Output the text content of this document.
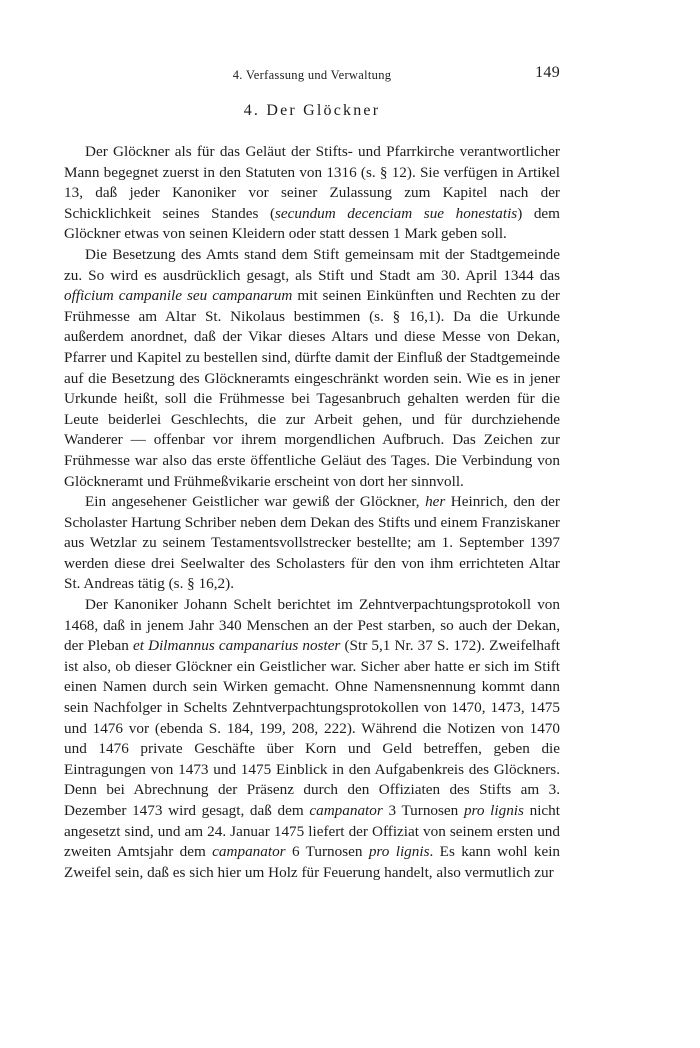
4. Verfassung und Verwaltung	149
4. Der Glöckner

Der Glöckner als für das Geläut der Stifts- und Pfarrkirche verantwortlicher Mann begegnet zuerst in den Statuten von 1316 (s. § 12). Sie verfügen in Artikel 13, daß jeder Kanoniker vor seiner Zulassung zum Kapitel nach der Schicklichkeit seines Standes (secundum decenciam sue honestatis) dem Glöckner etwas von seinen Kleidern oder statt dessen 1 Mark geben soll.

Die Besetzung des Amts stand dem Stift gemeinsam mit der Stadtgemeinde zu. So wird es ausdrücklich gesagt, als Stift und Stadt am 30. April 1344 das officium campanile seu campanarum mit seinen Einkünften und Rechten zu der Frühmesse am Altar St. Nikolaus bestimmen (s. § 16,1). Da die Urkunde außerdem anordnet, daß der Vikar dieses Altars und diese Messe von Dekan, Pfarrer und Kapitel zu bestellen sind, dürfte damit der Einfluß der Stadtgemeinde auf die Besetzung des Glöckneramts eingeschränkt worden sein. Wie es in jener Urkunde heißt, soll die Frühmesse bei Tagesanbruch gehalten werden für die Leute beiderlei Geschlechts, die zur Arbeit gehen, und für durchziehende Wanderer — offenbar vor ihrem morgendlichen Aufbruch. Das Zeichen zur Frühmesse war also das erste öffentliche Geläut des Tages. Die Verbindung von Glöckneramt und Frühmeßvikarie erscheint von dort her sinnvoll.

Ein angesehener Geistlicher war gewiß der Glöckner, her Heinrich, den der Scholaster Hartung Schriber neben dem Dekan des Stifts und einem Franziskaner aus Wetzlar zu seinem Testamentsvollstrecker bestellte; am 1. September 1397 werden diese drei Seelwalter des Scholasters für den von ihm errichteten Altar St. Andreas tätig (s. § 16,2).

Der Kanoniker Johann Schelt berichtet im Zehntverpachtungsprotokoll von 1468, daß in jenem Jahr 340 Menschen an der Pest starben, so auch der Dekan, der Pleban et Dilmannus campanarius noster (Str 5,1 Nr. 37 S. 172). Zweifelhaft ist also, ob dieser Glöckner ein Geistlicher war. Sicher aber hatte er sich im Stift einen Namen durch sein Wirken gemacht. Ohne Namensnennung kommt dann sein Nachfolger in Schelts Zehntverpachtungsprotokollen von 1470, 1473, 1475 und 1476 vor (ebenda S. 184, 199, 208, 222). Während die Notizen von 1470 und 1476 private Geschäfte über Korn und Geld betreffen, geben die Eintragungen von 1473 und 1475 Einblick in den Aufgabenkreis des Glöckners. Denn bei Abrechnung der Präsenz durch den Offiziaten des Stifts am 3. Dezember 1473 wird gesagt, daß dem campanator 3 Turnosen pro lignis nicht angesetzt sind, und am 24. Januar 1475 liefert der Offiziat von seinem ersten und zweiten Amtsjahr dem campanator 6 Turnosen pro lignis. Es kann wohl kein Zweifel sein, daß es sich hier um Holz für Feuerung handelt, also vermutlich zur
